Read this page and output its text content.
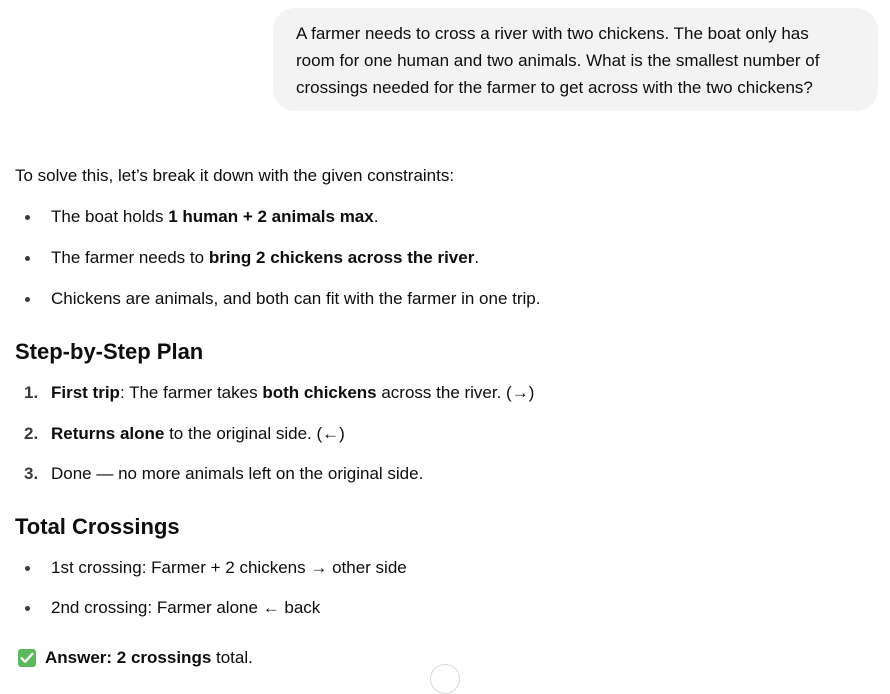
A farmer needs to cross a river with two chickens. The boat only has
room for one human and two animals. What is the smallest number of
crossings needed for the farmer to get across with the two chickens?

To solve this, let’s break it down with the given constraints:

The boat holds 1 human + 2 animals max.
The farmer needs to bring 2 chickens across the river.
Chickens are animals, and both can fit with the farmer in one trip.
Step-by-Step Plan
1. First trip: The farmer takes both chickens across the river. (→)
2. Returns alone to the original side. (←)
3. Done — no more animals left on the original side.
Total Crossings
1st crossing: Farmer + 2 chickens → other side
2nd crossing: Farmer alone ← back
Answer: 2 crossings total.
